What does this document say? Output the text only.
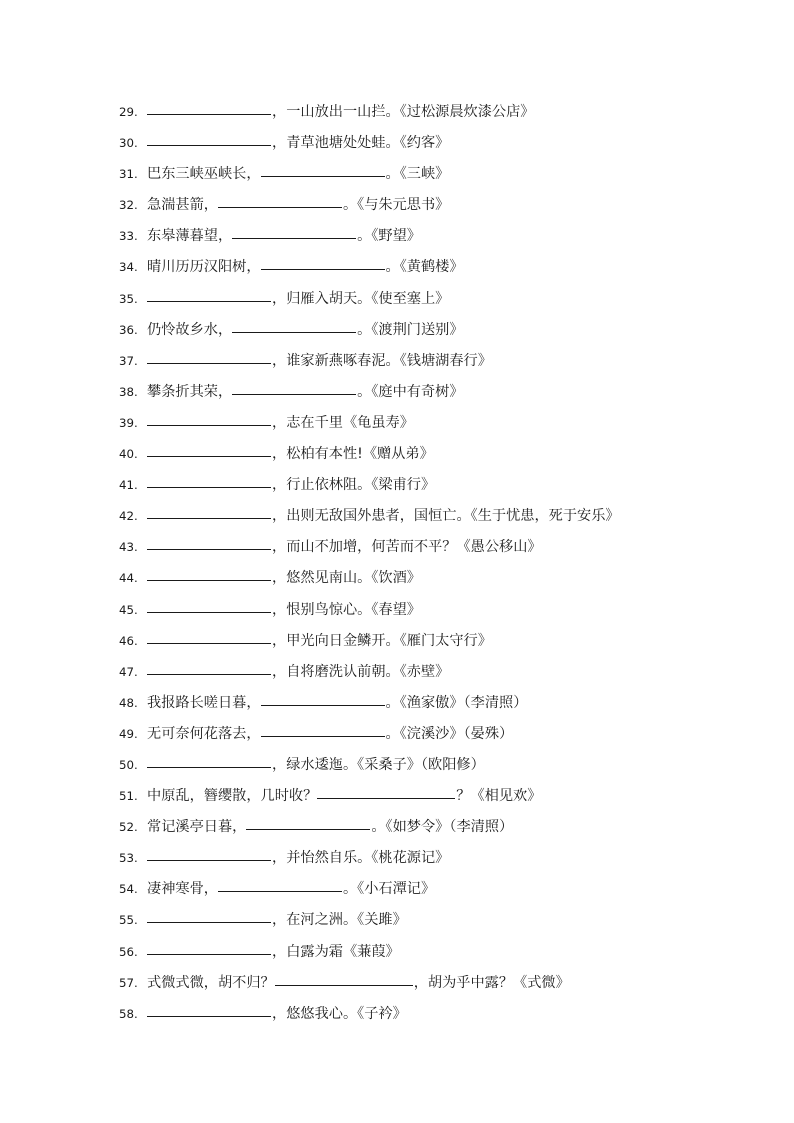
29.	，一山放出一山拦。《过松源晨炊漆公店》
30.	，青草池塘处处蛙。《约客》
31. 巴东三峡巫峡长，	。《三峡》
32. 急湍甚箭，	。《与朱元思书》
33. 东皋薄暮望，	。《野望》
34. 晴川历历汉阳树，	。《黄鹤楼》
35.	，归雁入胡天。《使至塞上》
36. 仍怜故乡水，	。《渡荆门送别》
37.	，谁家新燕啄春泥。《钱塘湖春行》
38. 攀条折其荣，	。《庭中有奇树》
39.	，志在千里《龟虽寿》
40.	，松柏有本性!《赠从弟》
41.	，行止依林阻。《梁甫行》
42.	，出则无敌国外患者，国恒亡。《生于忧患，死于安乐》
43.	，而山不加增，何苦而不平？《愚公移山》
44.	，悠然见南山。《饮酒》
45.	，恨别鸟惊心。《春望》
46.	，甲光向日金鳞开。《雁门太守行》
47.	，自将磨洗认前朝。《赤壁》
48. 我报路长嗟日暮，	。《渔家傲》（李清照）
49. 无可奈何花落去，	。《浣溪沙》（晏殊）
50.	，绿水逶迤。《采桑子》（欧阳修）
51. 中原乱，簪缨散，几时收？	？《相见欢》
52. 常记溪亭日暮，	。《如梦令》（李清照）
53.	，并怡然自乐。《桃花源记》
54. 凄神寒骨，	。《小石潭记》
55.	，在河之洲。《关雎》
56.	，白露为霜《蒹葭》
57. 式微式微，胡不归？	，胡为乎中露？《式微》
58.	，悠悠我心。《子衿》
